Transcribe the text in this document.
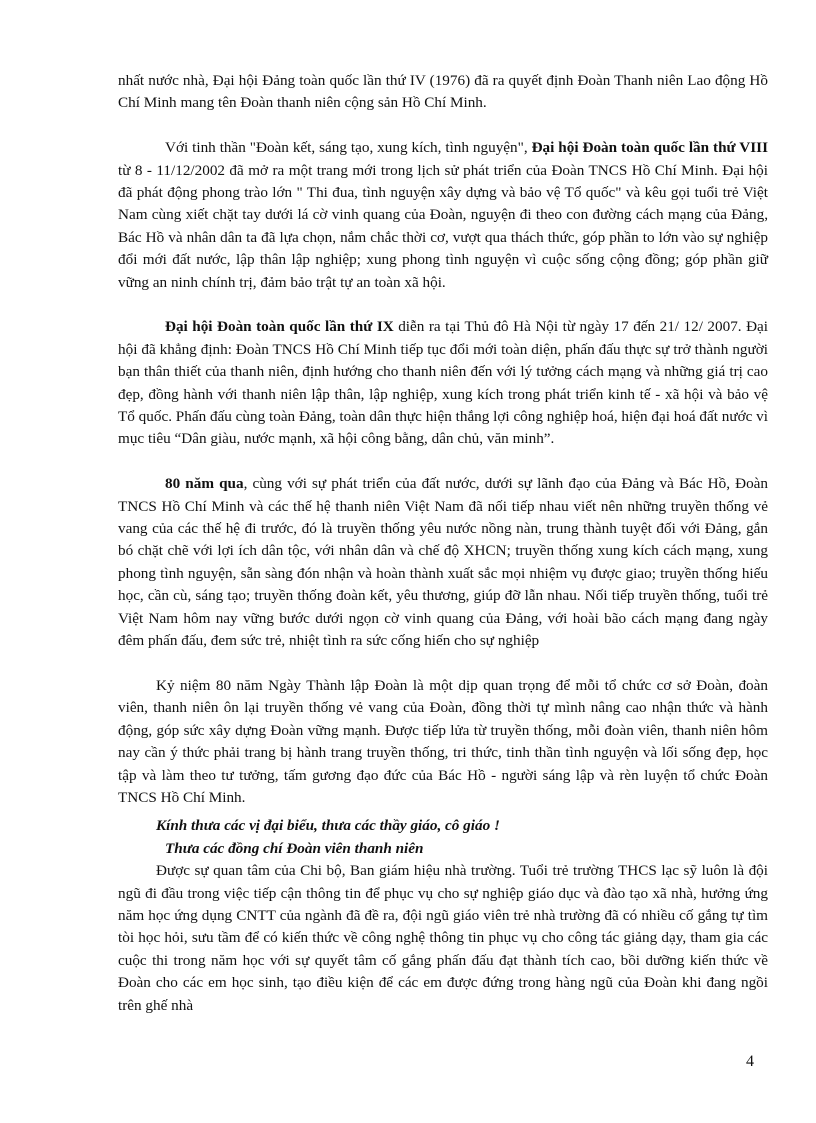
nhất nước nhà, Đại hội Đảng toàn quốc lần thứ IV (1976) đã ra quyết định Đoàn Thanh niên Lao động Hồ Chí Minh mang tên Đoàn thanh niên cộng sản Hồ Chí Minh.

Với tinh thần "Đoàn kết, sáng tạo, xung kích, tình nguyện", Đại hội Đoàn toàn quốc lần thứ VIII từ 8 - 11/12/2002 đã mở ra một trang mới trong lịch sử phát triển của Đoàn TNCS Hồ Chí Minh. Đại hội đã phát động phong trào lớn " Thi đua, tình nguyện xây dựng và bảo vệ Tổ quốc" và kêu gọi tuổi trẻ Việt Nam cùng xiết chặt tay dưới lá cờ vinh quang của Đoàn, nguyện đi theo con đường cách mạng của Đảng, Bác Hồ và nhân dân ta đã lựa chọn, nắm chắc thời cơ, vượt qua thách thức, góp phần to lớn vào sự nghiệp đổi mới đất nước, lập thân lập nghiệp; xung phong tình nguyện vì cuộc sống cộng đồng; góp phần giữ vững an ninh chính trị, đảm bảo trật tự an toàn xã hội.

Đại hội Đoàn toàn quốc lần thứ IX diễn ra tại Thủ đô Hà Nội từ ngày 17 đến 21/ 12/ 2007. Đại hội đã khẳng định: Đoàn TNCS Hồ Chí Minh tiếp tục đổi mới toàn diện, phấn đấu thực sự trở thành người bạn thân thiết của thanh niên, định hướng cho thanh niên đến với lý tưởng cách mạng và những giá trị cao đẹp, đồng hành với thanh niên lập thân, lập nghiệp, xung kích trong phát triển kinh tế - xã hội và bảo vệ Tổ quốc. Phấn đấu cùng toàn Đảng, toàn dân thực hiện thắng lợi công nghiệp hoá, hiện đại hoá đất nước vì mục tiêu “Dân giàu, nước mạnh, xã hội công bằng, dân chủ, văn minh”.

80 năm qua, cùng với sự phát triển của đất nước, dưới sự lãnh đạo của Đảng và Bác Hồ, Đoàn TNCS Hồ Chí Minh và các thế hệ thanh niên Việt Nam đã nối tiếp nhau viết nên những truyền thống vẻ vang của các thế hệ đi trước, đó là truyền thống yêu nước nồng nàn, trung thành tuyệt đối với Đảng, gắn bó chặt chẽ với lợi ích dân tộc, với nhân dân và chế độ XHCN; truyền thống xung kích cách mạng, xung phong tình nguyện, sẵn sàng đón nhận và hoàn thành xuất sắc mọi nhiệm vụ được giao; truyền thống hiếu học, cần cù, sáng tạo; truyền thống đoàn kết, yêu thương, giúp đỡ lẫn nhau. Nối tiếp truyền thống, tuổi trẻ Việt Nam hôm nay vững bước dưới ngọn cờ vinh quang của Đảng, với hoài bão cách mạng đang ngày đêm phấn đấu, đem sức trẻ, nhiệt tình ra sức cống hiến cho sự nghiệp

Kỷ niệm 80 năm Ngày Thành lập Đoàn là một dịp quan trọng để mỗi tổ chức cơ sở Đoàn, đoàn viên, thanh niên ôn lại truyền thống vẻ vang của Đoàn, đồng thời tự mình nâng cao nhận thức và hành động, góp sức xây dựng Đoàn vững mạnh. Được tiếp lửa từ truyền thống, mỗi đoàn viên, thanh niên hôm nay cần ý thức phải trang bị hành trang truyền thống, tri thức, tinh thần tình nguyện và lối sống đẹp, học tập và làm theo tư tưởng, tấm gương đạo đức của Bác Hồ - người sáng lập và rèn luyện tổ chức Đoàn TNCS Hồ Chí Minh.

Kính thưa các vị đại biểu, thưa các thầy giáo, cô giáo !

Thưa các đồng chí Đoàn viên thanh niên

Được sự quan tâm của Chi bộ, Ban giám hiệu nhà trường. Tuổi trẻ trường THCS lạc sỹ luôn là đội ngũ đi đầu trong việc tiếp cận thông tin để phục vụ cho sự nghiệp giáo dục và đào tạo xã nhà, hưởng ứng năm học ứng dụng CNTT của ngành đã đề ra, đội ngũ giáo viên trẻ nhà trường đã có nhiều cố gắng tự tìm tòi học hỏi, sưu tầm để có kiến thức về công nghệ thông tin phục vụ cho công tác giảng dạy, tham gia các cuộc thi trong năm học với sự quyết tâm cố gắng phấn đấu đạt thành tích cao, bồi dưỡng kiến thức về Đoàn cho các em học sinh, tạo điều kiện để các em được đứng trong hàng ngũ của Đoàn khi đang ngồi trên ghế nhà

4
